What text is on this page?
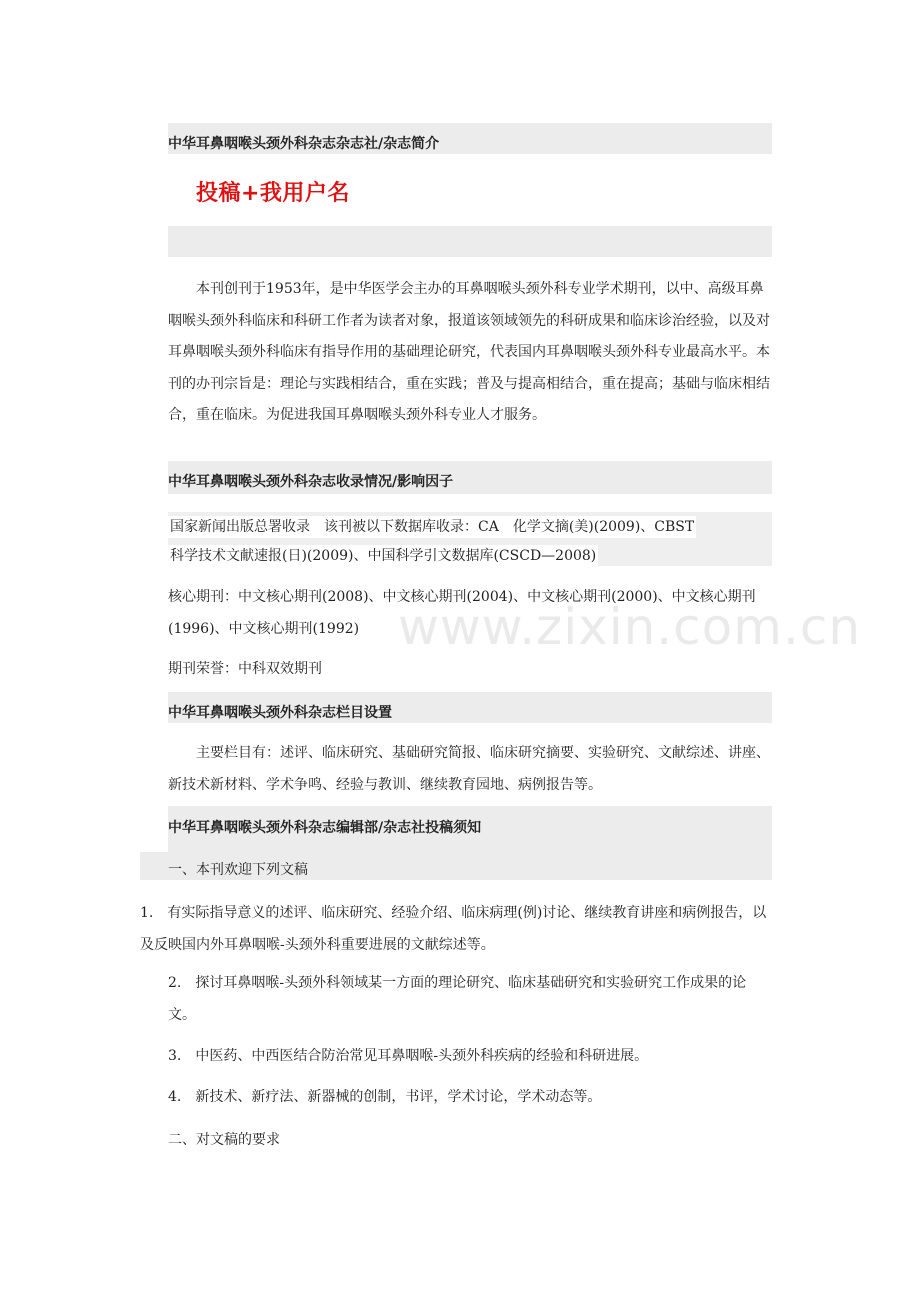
中华耳鼻咽喉头颈外科杂志杂志社/杂志简介
投稿+我用户名
本刊创刊于1953年，是中华医学会主办的耳鼻咽喉头颈外科专业学术期刊，以中、高级耳鼻咽喉头颈外科临床和科研工作者为读者对象，报道该领域领先的科研成果和临床诊治经验，以及对耳鼻咽喉头颈外科临床有指导作用的基础理论研究，代表国内耳鼻咽喉头颈外科专业最高水平。本刊的办刊宗旨是：理论与实践相结合，重在实践；普及与提高相结合，重在提高；基础与临床相结合，重在临床。为促进我国耳鼻咽喉头颈外科专业人才服务。
中华耳鼻咽喉头颈外科杂志收录情况/影响因子
国家新闻出版总署收录　该刊被以下数据库收录：CA　化学文摘(美)(2009)、CBST
科学技术文献速报(日)(2009)、中国科学引文数据库(CSCD—2008)
核心期刊：中文核心期刊(2008)、中文核心期刊(2004)、中文核心期刊(2000)、中文核心期刊(1996)、中文核心期刊(1992)
期刊荣誉：中科双效期刊
中华耳鼻咽喉头颈外科杂志栏目设置
主要栏目有：述评、临床研究、基础研究简报、临床研究摘要、实验研究、文献综述、讲座、新技术新材料、学术争鸣、经验与教训、继续教育园地、病例报告等。
中华耳鼻咽喉头颈外科杂志编辑部/杂志社投稿须知
一、本刊欢迎下列文稿
1.　有实际指导意义的述评、临床研究、经验介绍、临床病理(例)讨论、继续教育讲座和病例报告，以及反映国内外耳鼻咽喉-头颈外科重要进展的文献综述等。
2.　探讨耳鼻咽喉-头颈外科领域某一方面的理论研究、临床基础研究和实验研究工作成果的论文。
3.　中医药、中西医结合防治常见耳鼻咽喉-头颈外科疾病的经验和科研进展。
4.　新技术、新疗法、新器械的创制，书评，学术讨论，学术动态等。
二、对文稿的要求
www.zixin.com.cn
